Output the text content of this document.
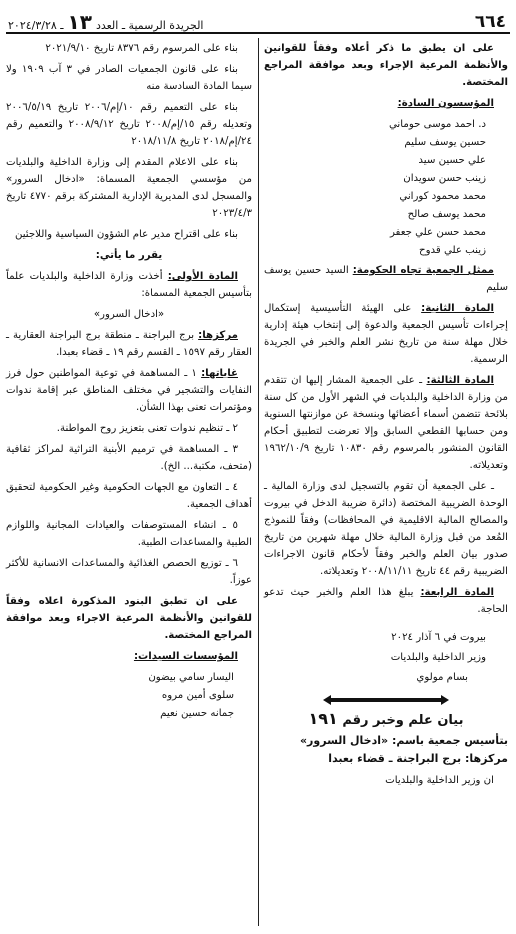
٦٦٤
الجريدة الرسمية ـ العدد
١٣
ـ ٢٠٢٤/٣/٢٨

على ان يطبق ما ذكر أعلاه وفقاً للقوانين والأنظمة المرعية الإجراء وبعد موافقة المراجع المختصة.

المؤسسون السادة:

د. احمد موسى حوماني
حسين يوسف سليم
علي حسين سيد
زينب حسن سويدان
محمد محمود كوراني
محمد يوسف صالح
محمد حسن علي جعفر
زينب علي قدوح

ممثل الجمعية تجاه الحكومة: السيد حسين يوسف سليم

المادة الثانية: على الهيئة التأسيسية إستكمال إجراءات تأسيس الجمعية والدعوة إلى إنتخاب هيئة إدارية خلال مهلة سنة من تاريخ نشر العلم والخبر في الجريدة الرسمية.

المادة الثالثة: ـ على الجمعية المشار إليها ان تتقدم من وزارة الداخلية والبلديات في الشهر الأول من كل سنة بلائحة تتضمن أسماء أعضائها وبنسخة عن موازنتها السنوية ومن حسابها القطعي السابق وإلا تعرضت لتطبيق أحكام القانون المنشور بالمرسوم رقم ١٠٨٣٠ تاريخ ١٩٦٢/١٠/٩ وتعديلاته.

ـ على الجمعية أن تقوم بالتسجيل لدى وزارة المالية ـ الوحدة الضريبية المختصة (دائرة ضريبة الدخل في بيروت والمصالح المالية الاقليمية في المحافظات) وفقاً للنموذج المُعد من قبل وزارة المالية خلال مهلة شهرين من تاريخ صدور بيان العلم والخبر وفقاً لأحكام قانون الاجراءات الضريبية رقم ٤٤ تاريخ ٢٠٠٨/١١/١١ وتعديلاته.

المادة الرابعة: يبلغ هذا العلم والخبر حيث تدعو الحاجة.

بيروت في ٦ آذار ٢٠٢٤
وزير الداخلية والبلديات
بسام مولوي
بيان علم وخبر رقم ١٩١

بتأسيس جمعية باسم: «ادخال السرور»

مركزها: برج البراجنة ـ قضاء بعبدا

ان وزير الداخلية والبلديات

بناء على المرسوم رقم ٨٣٧٦ تاريخ ٢٠٢١/٩/١٠

بناء على قانون الجمعيات الصادر في ٣ آب ١٩٠٩ ولا سيما المادة السادسة منه

بناء على التعميم رقم ١٠/إم/٢٠٠٦ تاريخ ٢٠٠٦/٥/١٩ وتعديله رقم ١٥/إم/٢٠٠٨ تاريخ ٢٠٠٨/٩/١٢ والتعميم رقم ٢٤/إم/٢٠١٨ تاريخ ٢٠١٨/١١/٨

بناء على الاعلام المقدم إلى وزارة الداخلية والبلديات من مؤسسي الجمعية المسماة: «ادخال السرور» والمسجل لدى المديرية الإدارية المشتركة برقم ٤٧٧٠ تاريخ ٢٠٢٣/٤/٣

بناء على اقتراح مدير عام الشؤون السياسية واللاجئين

يقرر ما يأتي:

المادة الأولى: أخذت وزارة الداخلية والبلديات علماً بتأسيس الجمعية المسماة:

«ادخال السرور»

مركزها: برج البراجنة ـ منطقة برج البراجنة العقارية ـ العقار رقم ١٥٩٧ ـ القسم رقم ١٩ ـ قضاء بعبدا.

غاياتها: ١ ـ المساهمة في توعية المواطنين حول فرز النفايات والتشجير في مختلف المناطق عبر إقامة ندوات ومؤتمرات تعنى بهذا الشأن.

٢ ـ تنظيم ندوات تعنى بتعزيز روح المواطنة.

٣ ـ المساهمة في ترميم الأبنية التراثية لمراكز ثقافية (متحف، مكتبة... الخ).

٤ ـ التعاون مع الجهات الحكومية وغير الحكومية لتحقيق أهداف الجمعية.

٥ ـ انشاء المستوصفات والعيادات المجانية واللوازم الطبية والمساعدات الطبية.

٦ ـ توزيع الحصص الغذائية والمساعدات الانسانية للأكثر عوزاً.

على ان تطبق البنود المذكورة اعلاه وفقاً للقوانين والأنظمة المرعية الاجراء وبعد موافقة المراجع المختصة.

المؤسسات السيدات:

اليسار سامي بيضون
سلوى أمين مروه
جمانه حسين نعيم
